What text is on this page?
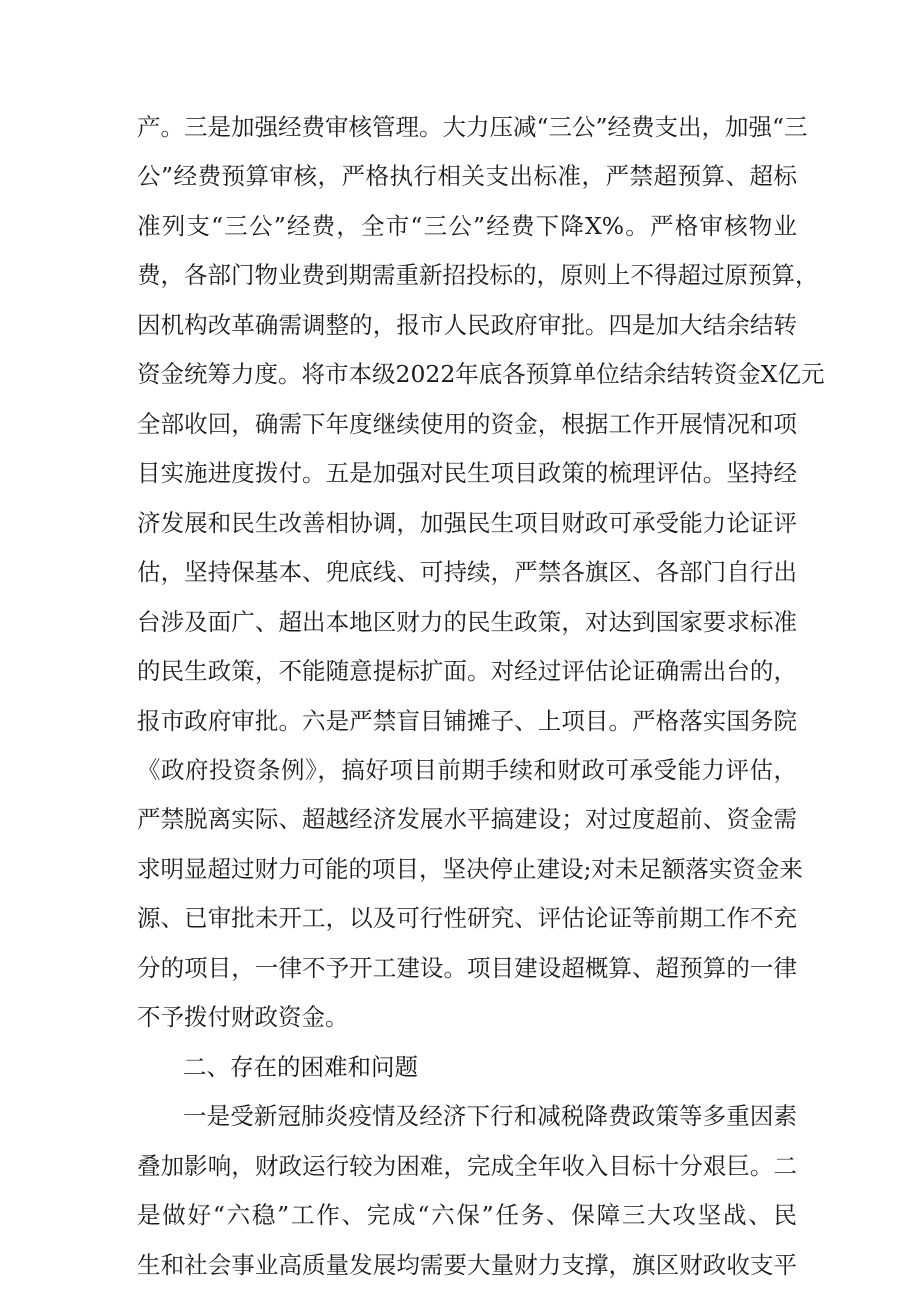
产。三是加强经费审核管理。大力压减“三公”经费支出，加强“三
公”经费预算审核，严格执行相关支出标准，严禁超预算、超标
准列支“三公”经费，全市“三公”经费下降X%。严格审核物业
费，各部门物业费到期需重新招投标的，原则上不得超过原预算，
因机构改革确需调整的，报市人民政府审批。四是加大结余结转
资金统筹力度。将市本级2022年底各预算单位结余结转资金X亿元
全部收回，确需下年度继续使用的资金，根据工作开展情况和项
目实施进度拨付。五是加强对民生项目政策的梳理评估。坚持经
济发展和民生改善相协调，加强民生项目财政可承受能力论证评
估，坚持保基本、兜底线、可持续，严禁各旗区、各部门自行出
台涉及面广、超出本地区财力的民生政策，对达到国家要求标准
的民生政策，不能随意提标扩面。对经过评估论证确需出台的，
报市政府审批。六是严禁盲目铺摊子、上项目。严格落实国务院
《政府投资条例》，搞好项目前期手续和财政可承受能力评估，
严禁脱离实际、超越经济发展水平搞建设；对过度超前、资金需
求明显超过财力可能的项目，坚决停止建设;对未足额落实资金来
源、已审批未开工，以及可行性研究、评估论证等前期工作不充
分的项目，一律不予开工建设。项目建设超概算、超预算的一律
不予拨付财政资金。
二、存在的困难和问题
一是受新冠肺炎疫情及经济下行和减税降费政策等多重因素
叠加影响，财政运行较为困难，完成全年收入目标十分艰巨。二
是做好“六稳”工作、完成“六保”任务、保障三大攻坚战、民
生和社会事业高质量发展均需要大量财力支撑，旗区财政收支平
